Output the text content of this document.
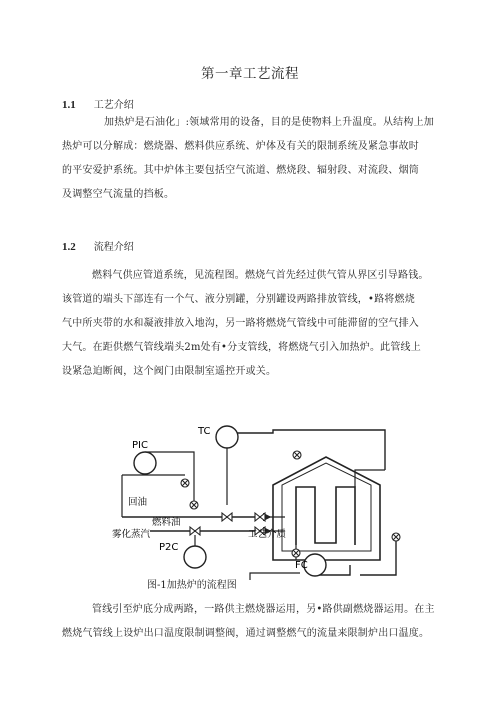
第一章工艺流程
1.1 工艺介绍

加热炉是石油化」:领域常用的设备，目的是使物料上升温度。从结构上加

热炉可以分解成：燃烧器、燃料供应系统、炉体及有关的限制系统及紧急事故时

的平安爱护系统。其中炉体主要包括空气流道、燃烧段、辐射段、对流段、烟筒

及调整空气流量的挡板。

1.2 流程介绍

燃料气供应管道系统，见流程图。燃烧气首先经过供气管从界区引导路钱。

该管道的端头下部连有一个气、液分别罐，分别罐设两路排放管线，•路将燃烧

气中所夹带的水和凝液排放入地沟，另一路将燃烧气管线中可能滞留的空气排入

大气。在距供燃气管线端头2m处有•分支管线，将燃烧气引入加热炉。此管线上

设紧急迫断阀，这个阀门由限制室遥控开或关。

TC
PIC
P2C
FC
回油
燃料油
雾化蒸汽	工艺介质
图-1加热炉的流程图

管线引至炉底分成两路，一路供主燃烧器运用，另•路供副燃烧器运用。在主

燃烧气管线上设炉出口温度限制调整阀，通过调整燃气的流量来限制炉出口温度。
